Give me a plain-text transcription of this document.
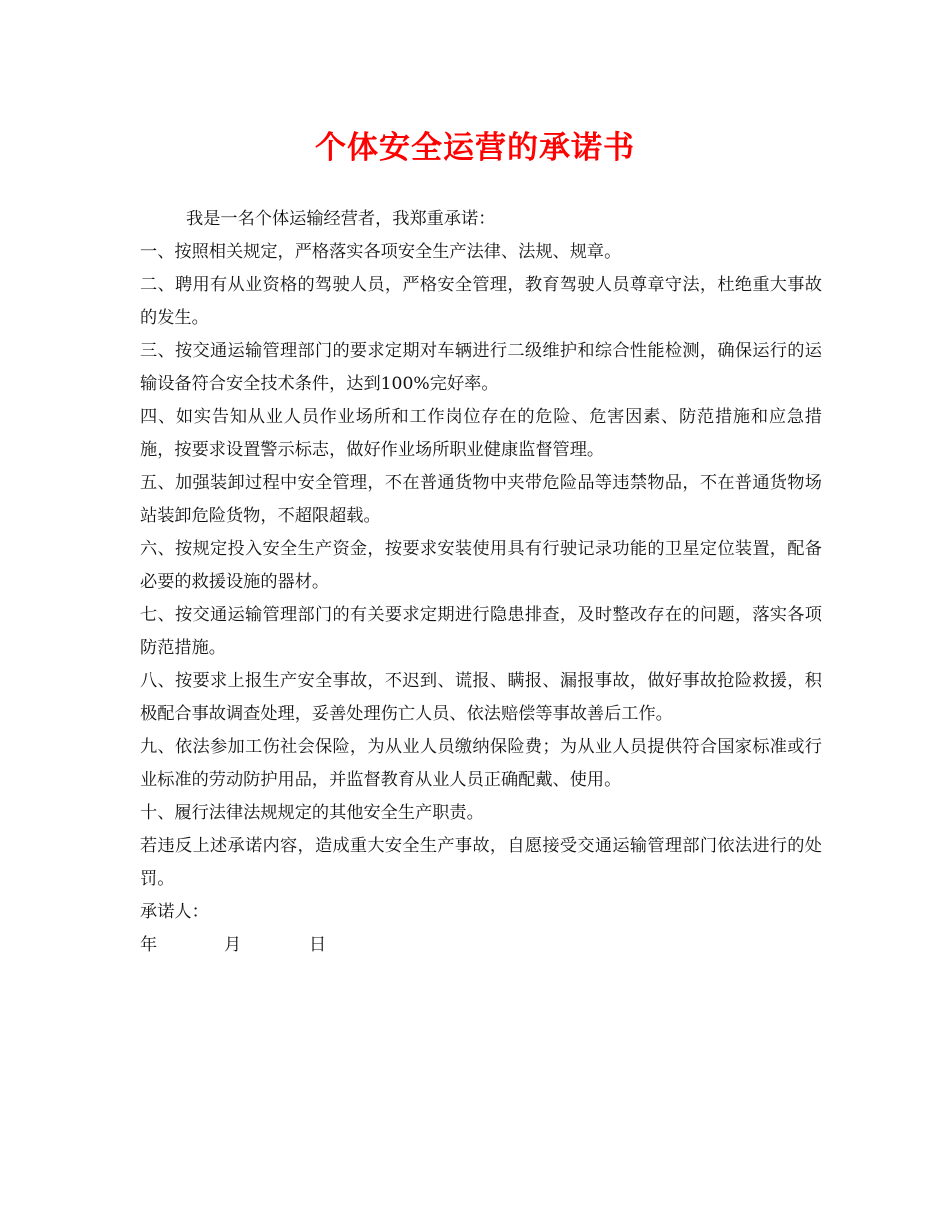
个体安全运营的承诺书

我是一名个体运输经营者，我郑重承诺：

一、按照相关规定，严格落实各项安全生产法律、法规、规章。

二、聘用有从业资格的驾驶人员，严格安全管理，教育驾驶人员尊章守法，杜绝重大事故的发生。

三、按交通运输管理部门的要求定期对车辆进行二级维护和综合性能检测，确保运行的运输设备符合安全技术条件，达到100%完好率。

四、如实告知从业人员作业场所和工作岗位存在的危险、危害因素、防范措施和应急措施，按要求设置警示标志，做好作业场所职业健康监督管理。

五、加强装卸过程中安全管理，不在普通货物中夹带危险品等违禁物品，不在普通货物场站装卸危险货物，不超限超载。

六、按规定投入安全生产资金，按要求安装使用具有行驶记录功能的卫星定位装置，配备必要的救援设施的器材。

七、按交通运输管理部门的有关要求定期进行隐患排查，及时整改存在的问题，落实各项防范措施。

八、按要求上报生产安全事故，不迟到、谎报、瞒报、漏报事故，做好事故抢险救援，积极配合事故调查处理，妥善处理伤亡人员、依法赔偿等事故善后工作。

九、依法参加工伤社会保险，为从业人员缴纳保险费；为从业人员提供符合国家标准或行业标准的劳动防护用品，并监督教育从业人员正确配戴、使用。

十、履行法律法规规定的其他安全生产职责。

若违反上述承诺内容，造成重大安全生产事故，自愿接受交通运输管理部门依法进行的处罚。

承诺人：

年	月	日
